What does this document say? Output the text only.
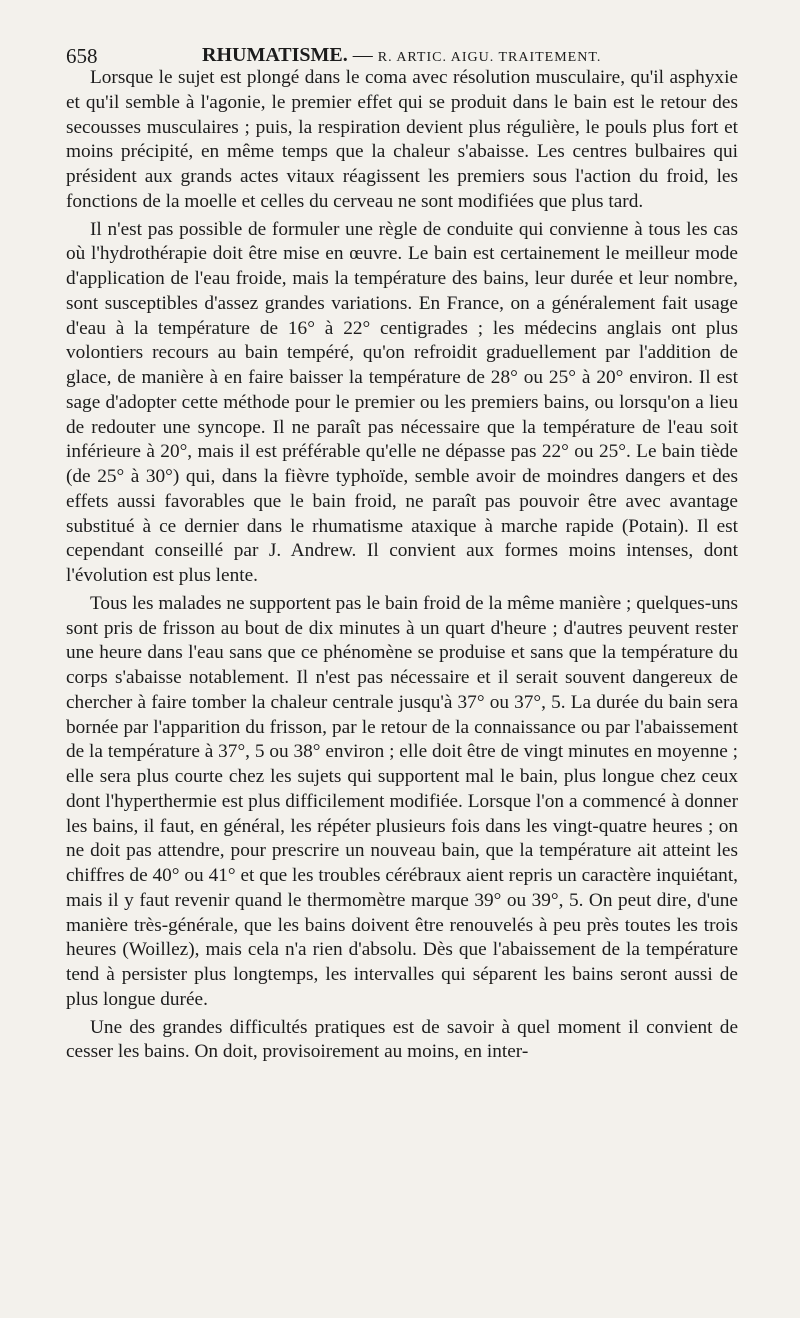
658	RHUMATISME. — R. ARTIC. AIGU. TRAITEMENT.

Lorsque le sujet est plongé dans le coma avec résolution musculaire, qu'il asphyxie et qu'il semble à l'agonie, le premier effet qui se produit dans le bain est le retour des secousses musculaires ; puis, la respiration devient plus régulière, le pouls plus fort et moins précipité, en même temps que la chaleur s'abaisse. Les centres bulbaires qui président aux grands actes vitaux réagissent les premiers sous l'action du froid, les fonctions de la moelle et celles du cerveau ne sont modifiées que plus tard.

Il n'est pas possible de formuler une règle de conduite qui convienne à tous les cas où l'hydrothérapie doit être mise en œuvre. Le bain est certainement le meilleur mode d'application de l'eau froide, mais la température des bains, leur durée et leur nombre, sont susceptibles d'assez grandes variations. En France, on a généralement fait usage d'eau à la température de 16° à 22° centigrades ; les médecins anglais ont plus volontiers recours au bain tempéré, qu'on refroidit graduellement par l'addition de glace, de manière à en faire baisser la température de 28° ou 25° à 20° environ. Il est sage d'adopter cette méthode pour le premier ou les premiers bains, ou lorsqu'on a lieu de redouter une syncope. Il ne paraît pas nécessaire que la température de l'eau soit inférieure à 20°, mais il est préférable qu'elle ne dépasse pas 22° ou 25°. Le bain tiède (de 25° à 30°) qui, dans la fièvre typhoïde, semble avoir de moindres dangers et des effets aussi favorables que le bain froid, ne paraît pas pouvoir être avec avantage substitué à ce dernier dans le rhumatisme ataxique à marche rapide (Potain). Il est cependant conseillé par J. Andrew. Il convient aux formes moins intenses, dont l'évolution est plus lente.

Tous les malades ne supportent pas le bain froid de la même manière ; quelques-uns sont pris de frisson au bout de dix minutes à un quart d'heure ; d'autres peuvent rester une heure dans l'eau sans que ce phénomène se produise et sans que la température du corps s'abaisse notablement. Il n'est pas nécessaire et il serait souvent dangereux de chercher à faire tomber la chaleur centrale jusqu'à 37° ou 37°, 5. La durée du bain sera bornée par l'apparition du frisson, par le retour de la connaissance ou par l'abaissement de la température à 37°, 5 ou 38° environ ; elle doit être de vingt minutes en moyenne ; elle sera plus courte chez les sujets qui supportent mal le bain, plus longue chez ceux dont l'hyperthermie est plus difficilement modifiée. Lorsque l'on a commencé à donner les bains, il faut, en général, les répéter plusieurs fois dans les vingt-quatre heures ; on ne doit pas attendre, pour prescrire un nouveau bain, que la température ait atteint les chiffres de 40° ou 41° et que les troubles cérébraux aient repris un caractère inquiétant, mais il y faut revenir quand le thermomètre marque 39° ou 39°, 5. On peut dire, d'une manière très-générale, que les bains doivent être renouvelés à peu près toutes les trois heures (Woillez), mais cela n'a rien d'absolu. Dès que l'abaissement de la température tend à persister plus longtemps, les intervalles qui séparent les bains seront aussi de plus longue durée.

Une des grandes difficultés pratiques est de savoir à quel moment il convient de cesser les bains. On doit, provisoirement au moins, en inter-
